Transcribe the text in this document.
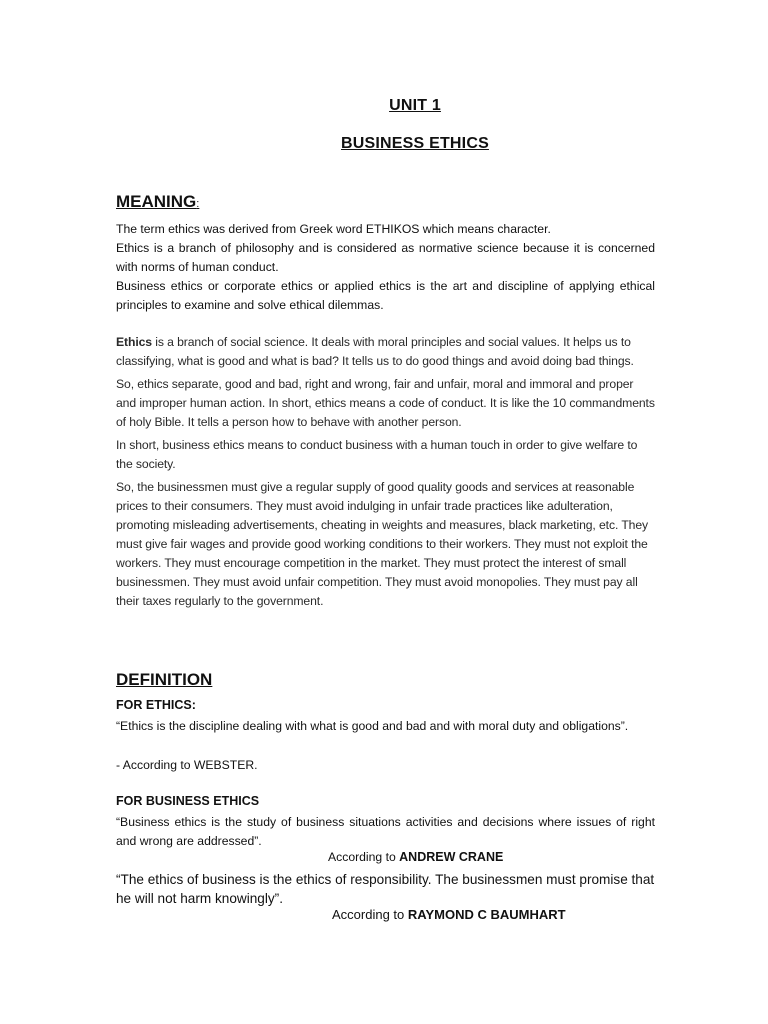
UNIT 1
BUSINESS ETHICS
MEANING:
The term ethics was derived from Greek word ETHIKOS which means character.
Ethics is a branch of philosophy and is considered as normative science because it is concerned with norms of human conduct.
Business ethics or corporate ethics or applied ethics is the art and discipline of applying ethical principles to examine and solve ethical dilemmas.

Ethics is a branch of social science. It deals with moral principles and social values. It helps us to classifying, what is good and what is bad? It tells us to do good things and avoid doing bad things.

So, ethics separate, good and bad, right and wrong, fair and unfair, moral and immoral and proper and improper human action. In short, ethics means a code of conduct. It is like the 10 commandments of holy Bible. It tells a person how to behave with another person.

In short, business ethics means to conduct business with a human touch in order to give welfare to the society.

So, the businessmen must give a regular supply of good quality goods and services at reasonable prices to their consumers. They must avoid indulging in unfair trade practices like adulteration, promoting misleading advertisements, cheating in weights and measures, black marketing, etc. They must give fair wages and provide good working conditions to their workers. They must not exploit the workers. They must encourage competition in the market. They must protect the interest of small businessmen. They must avoid unfair competition. They must avoid monopolies. They must pay all their taxes regularly to the government.

DEFINITION
FOR ETHICS:
“Ethics is the discipline dealing with what is good and bad and with moral duty and obligations”.
- According to WEBSTER.
FOR BUSINESS ETHICS
“Business ethics is the study of business situations activities and decisions where issues of right and wrong are addressed”.
According to ANDREW CRANE
“The ethics of business is the ethics of responsibility. The businessmen must promise that he will not harm knowingly”.
According to RAYMOND C BAUMHART
